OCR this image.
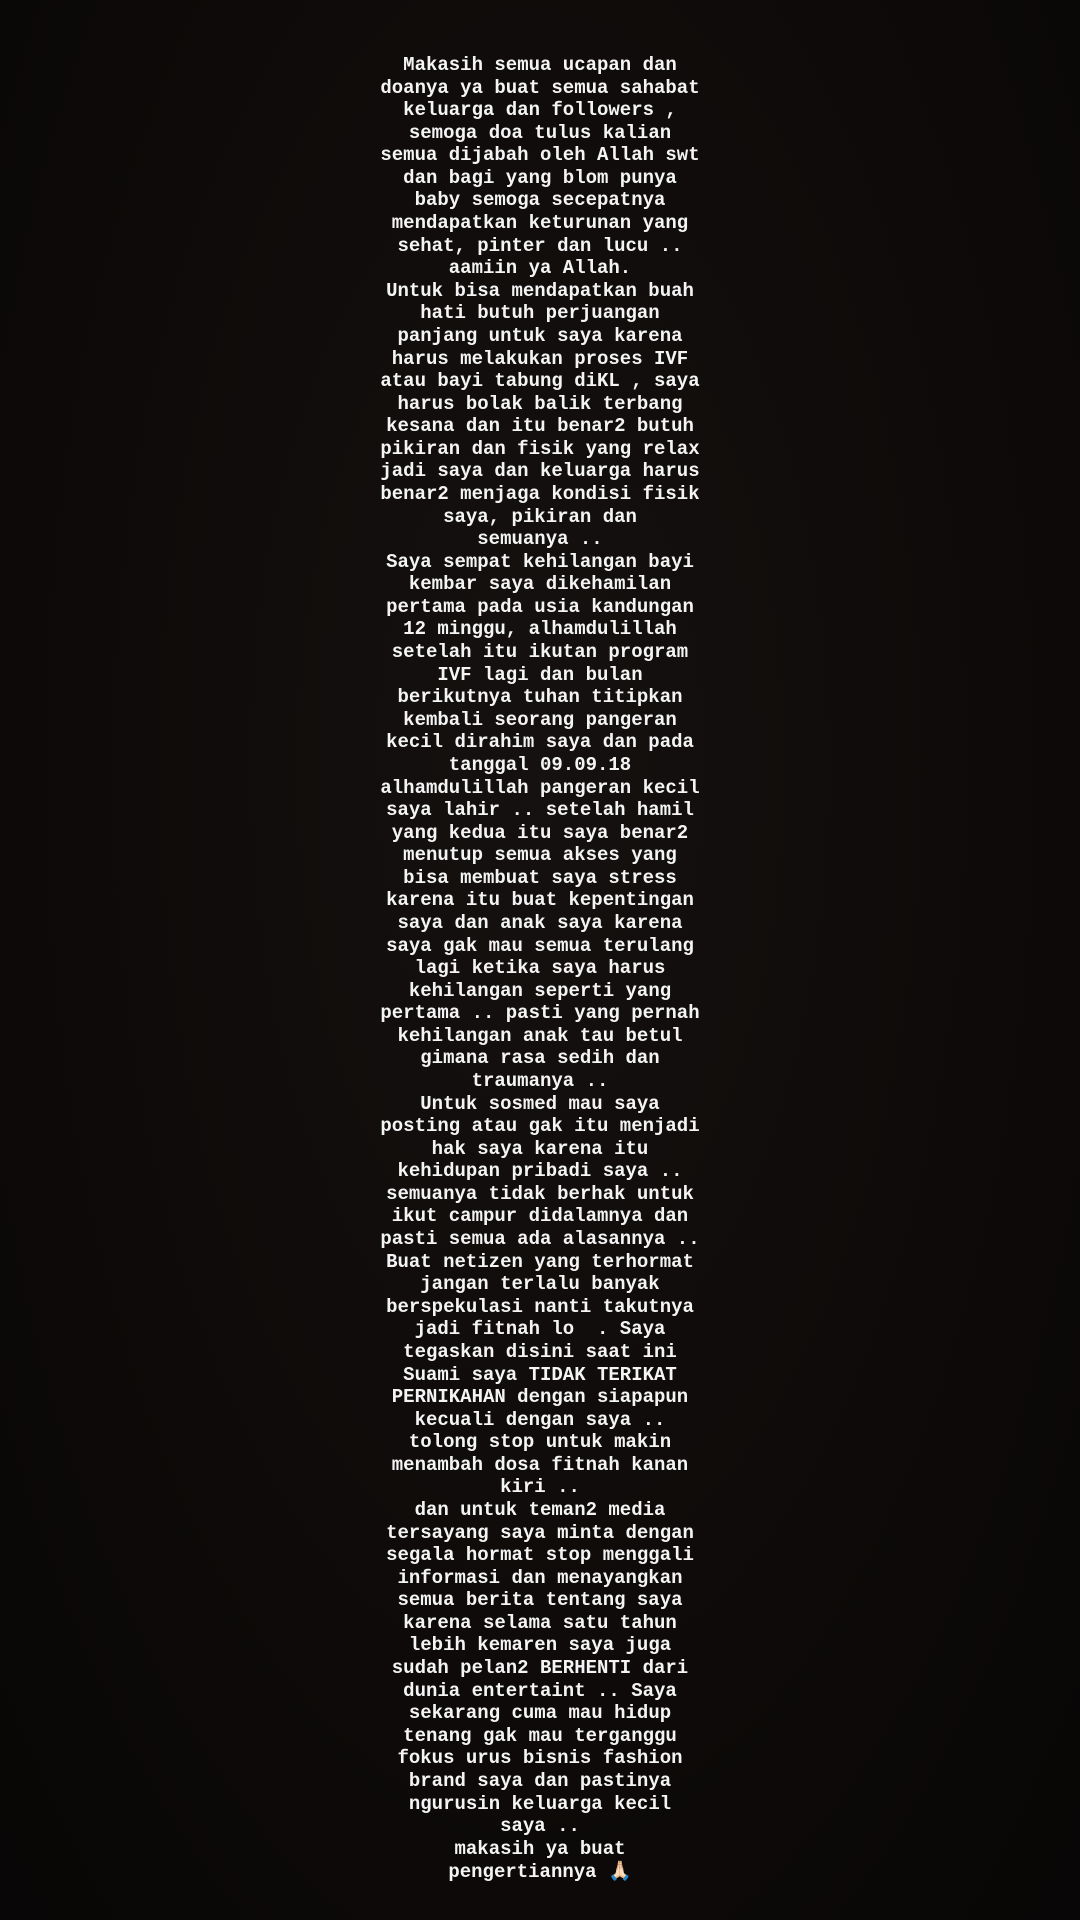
Makasih semua ucapan dan
doanya ya buat semua sahabat
keluarga dan followers ,
semoga doa tulus kalian
semua dijabah oleh Allah swt
dan bagi yang blom punya
baby semoga secepatnya
mendapatkan keturunan yang
sehat, pinter dan lucu ..
aamiin ya Allah.
Untuk bisa mendapatkan buah
hati butuh perjuangan
panjang untuk saya karena
harus melakukan proses IVF
atau bayi tabung diKL , saya
harus bolak balik terbang
kesana dan itu benar2 butuh
pikiran dan fisik yang relax
jadi saya dan keluarga harus
benar2 menjaga kondisi fisik
saya, pikiran dan
semuanya ..
Saya sempat kehilangan bayi
kembar saya dikehamilan
pertama pada usia kandungan
12 minggu, alhamdulillah
setelah itu ikutan program
IVF lagi dan bulan
berikutnya tuhan titipkan
kembali seorang pangeran
kecil dirahim saya dan pada
tanggal 09.09.18
alhamdulillah pangeran kecil
saya lahir .. setelah hamil
yang kedua itu saya benar2
menutup semua akses yang
bisa membuat saya stress
karena itu buat kepentingan
saya dan anak saya karena
saya gak mau semua terulang
lagi ketika saya harus
kehilangan seperti yang
pertama .. pasti yang pernah
kehilangan anak tau betul
gimana rasa sedih dan
traumanya ..
Untuk sosmed mau saya
posting atau gak itu menjadi
hak saya karena itu
kehidupan pribadi saya ..
semuanya tidak berhak untuk
ikut campur didalamnya dan
pasti semua ada alasannya ..
Buat netizen yang terhormat
jangan terlalu banyak
berspekulasi nanti takutnya
jadi fitnah lo  . Saya
tegaskan disini saat ini
Suami saya TIDAK TERIKAT
PERNIKAHAN dengan siapapun
kecuali dengan saya ..
tolong stop untuk makin
menambah dosa fitnah kanan
kiri ..
dan untuk teman2 media
tersayang saya minta dengan
segala hormat stop menggali
informasi dan menayangkan
semua berita tentang saya
karena selama satu tahun
lebih kemaren saya juga
sudah pelan2 BERHENTI dari
dunia entertaint .. Saya
sekarang cuma mau hidup
tenang gak mau terganggu
fokus urus bisnis fashion
brand saya dan pastinya
ngurusin keluarga kecil
saya ..
makasih ya buat
pengertiannya 🙏🏻
